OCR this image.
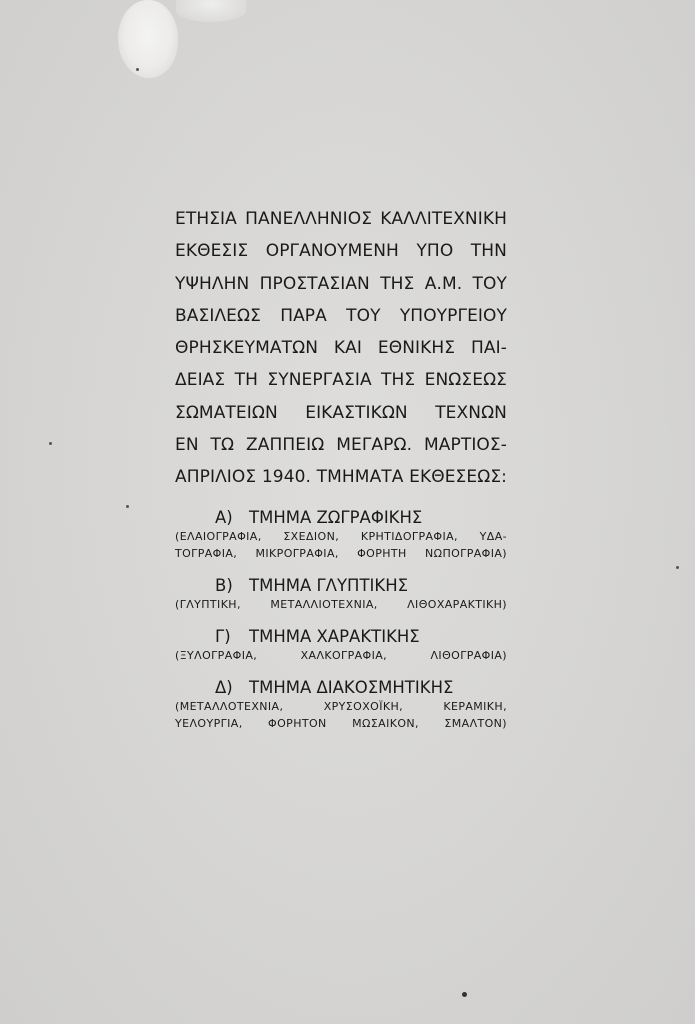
ΕΤΗΣΙΑ ΠΑΝΕΛΛΗΝΙΟΣ ΚΑΛΛΙΤΕΧΝΙΚΗ
ΕΚΘΕΣΙΣ ΟΡΓΑΝΟΥΜΕΝΗ ΥΠΟ ΤΗΝ
ΥΨΗΛΗΝ ΠΡΟΣΤΑΣΙΑΝ ΤΗΣ Α.Μ. ΤΟΥ
ΒΑΣΙΛΕΩΣ ΠΑΡΑ ΤΟΥ ΥΠΟΥΡΓΕΙΟΥ
ΘΡΗΣΚΕΥΜΑΤΩΝ ΚΑΙ ΕΘΝΙΚΗΣ ΠΑΙ-
ΔΕΙΑΣ ΤΗ ΣΥΝΕΡΓΑΣΙΑ ΤΗΣ ΕΝΩΣΕΩΣ
ΣΩΜΑΤΕΙΩΝ ΕΙΚΑΣΤΙΚΩΝ ΤΕΧΝΩΝ
ΕΝ ΤΩ ΖΑΠΠΕΙΩ ΜΕΓΑΡΩ. ΜΑΡΤΙΟΣ-
ΑΠΡΙΛΙΟΣ 1940. ΤΜΗΜΑΤΑ ΕΚΘΕΣΕΩΣ:
Α) ΤΜΗΜΑ ΖΩΓΡΑΦΙΚΗΣ
(ΕΛΑΙΟΓΡΑΦΙΑ, ΣΧΕΔΙΟΝ, ΚΡΗΤΙΔΟΓΡΑΦΙΑ, ΥΔΑ-
ΤΟΓΡΑΦΙΑ, ΜΙΚΡΟΓΡΑΦΙΑ, ΦΟΡΗΤΗ ΝΩΠΟΓΡΑΦΙΑ)
Β) ΤΜΗΜΑ ΓΛΥΠΤΙΚΗΣ
(ΓΛΥΠΤΙΚΗ, ΜΕΤΑΛΛΙΟΤΕΧΝΙΑ, ΛΙΘΟΧΑΡΑΚΤΙΚΗ)
Γ) ΤΜΗΜΑ ΧΑΡΑΚΤΙΚΗΣ
(ΞΥΛΟΓΡΑΦΙΑ, ΧΑΛΚΟΓΡΑΦΙΑ, ΛΙΘΟΓΡΑΦΙΑ)
Δ) ΤΜΗΜΑ ΔΙΑΚΟΣΜΗΤΙΚΗΣ
(ΜΕΤΑΛΛΟΤΕΧΝΙΑ, ΧΡΥΣΟΧΟΪΚΗ, ΚΕΡΑΜΙΚΗ,
ΥΕΛΟΥΡΓΙΑ, ΦΟΡΗΤΟΝ ΜΩΣΑΙΚΟΝ, ΣΜΑΛΤΟΝ)
